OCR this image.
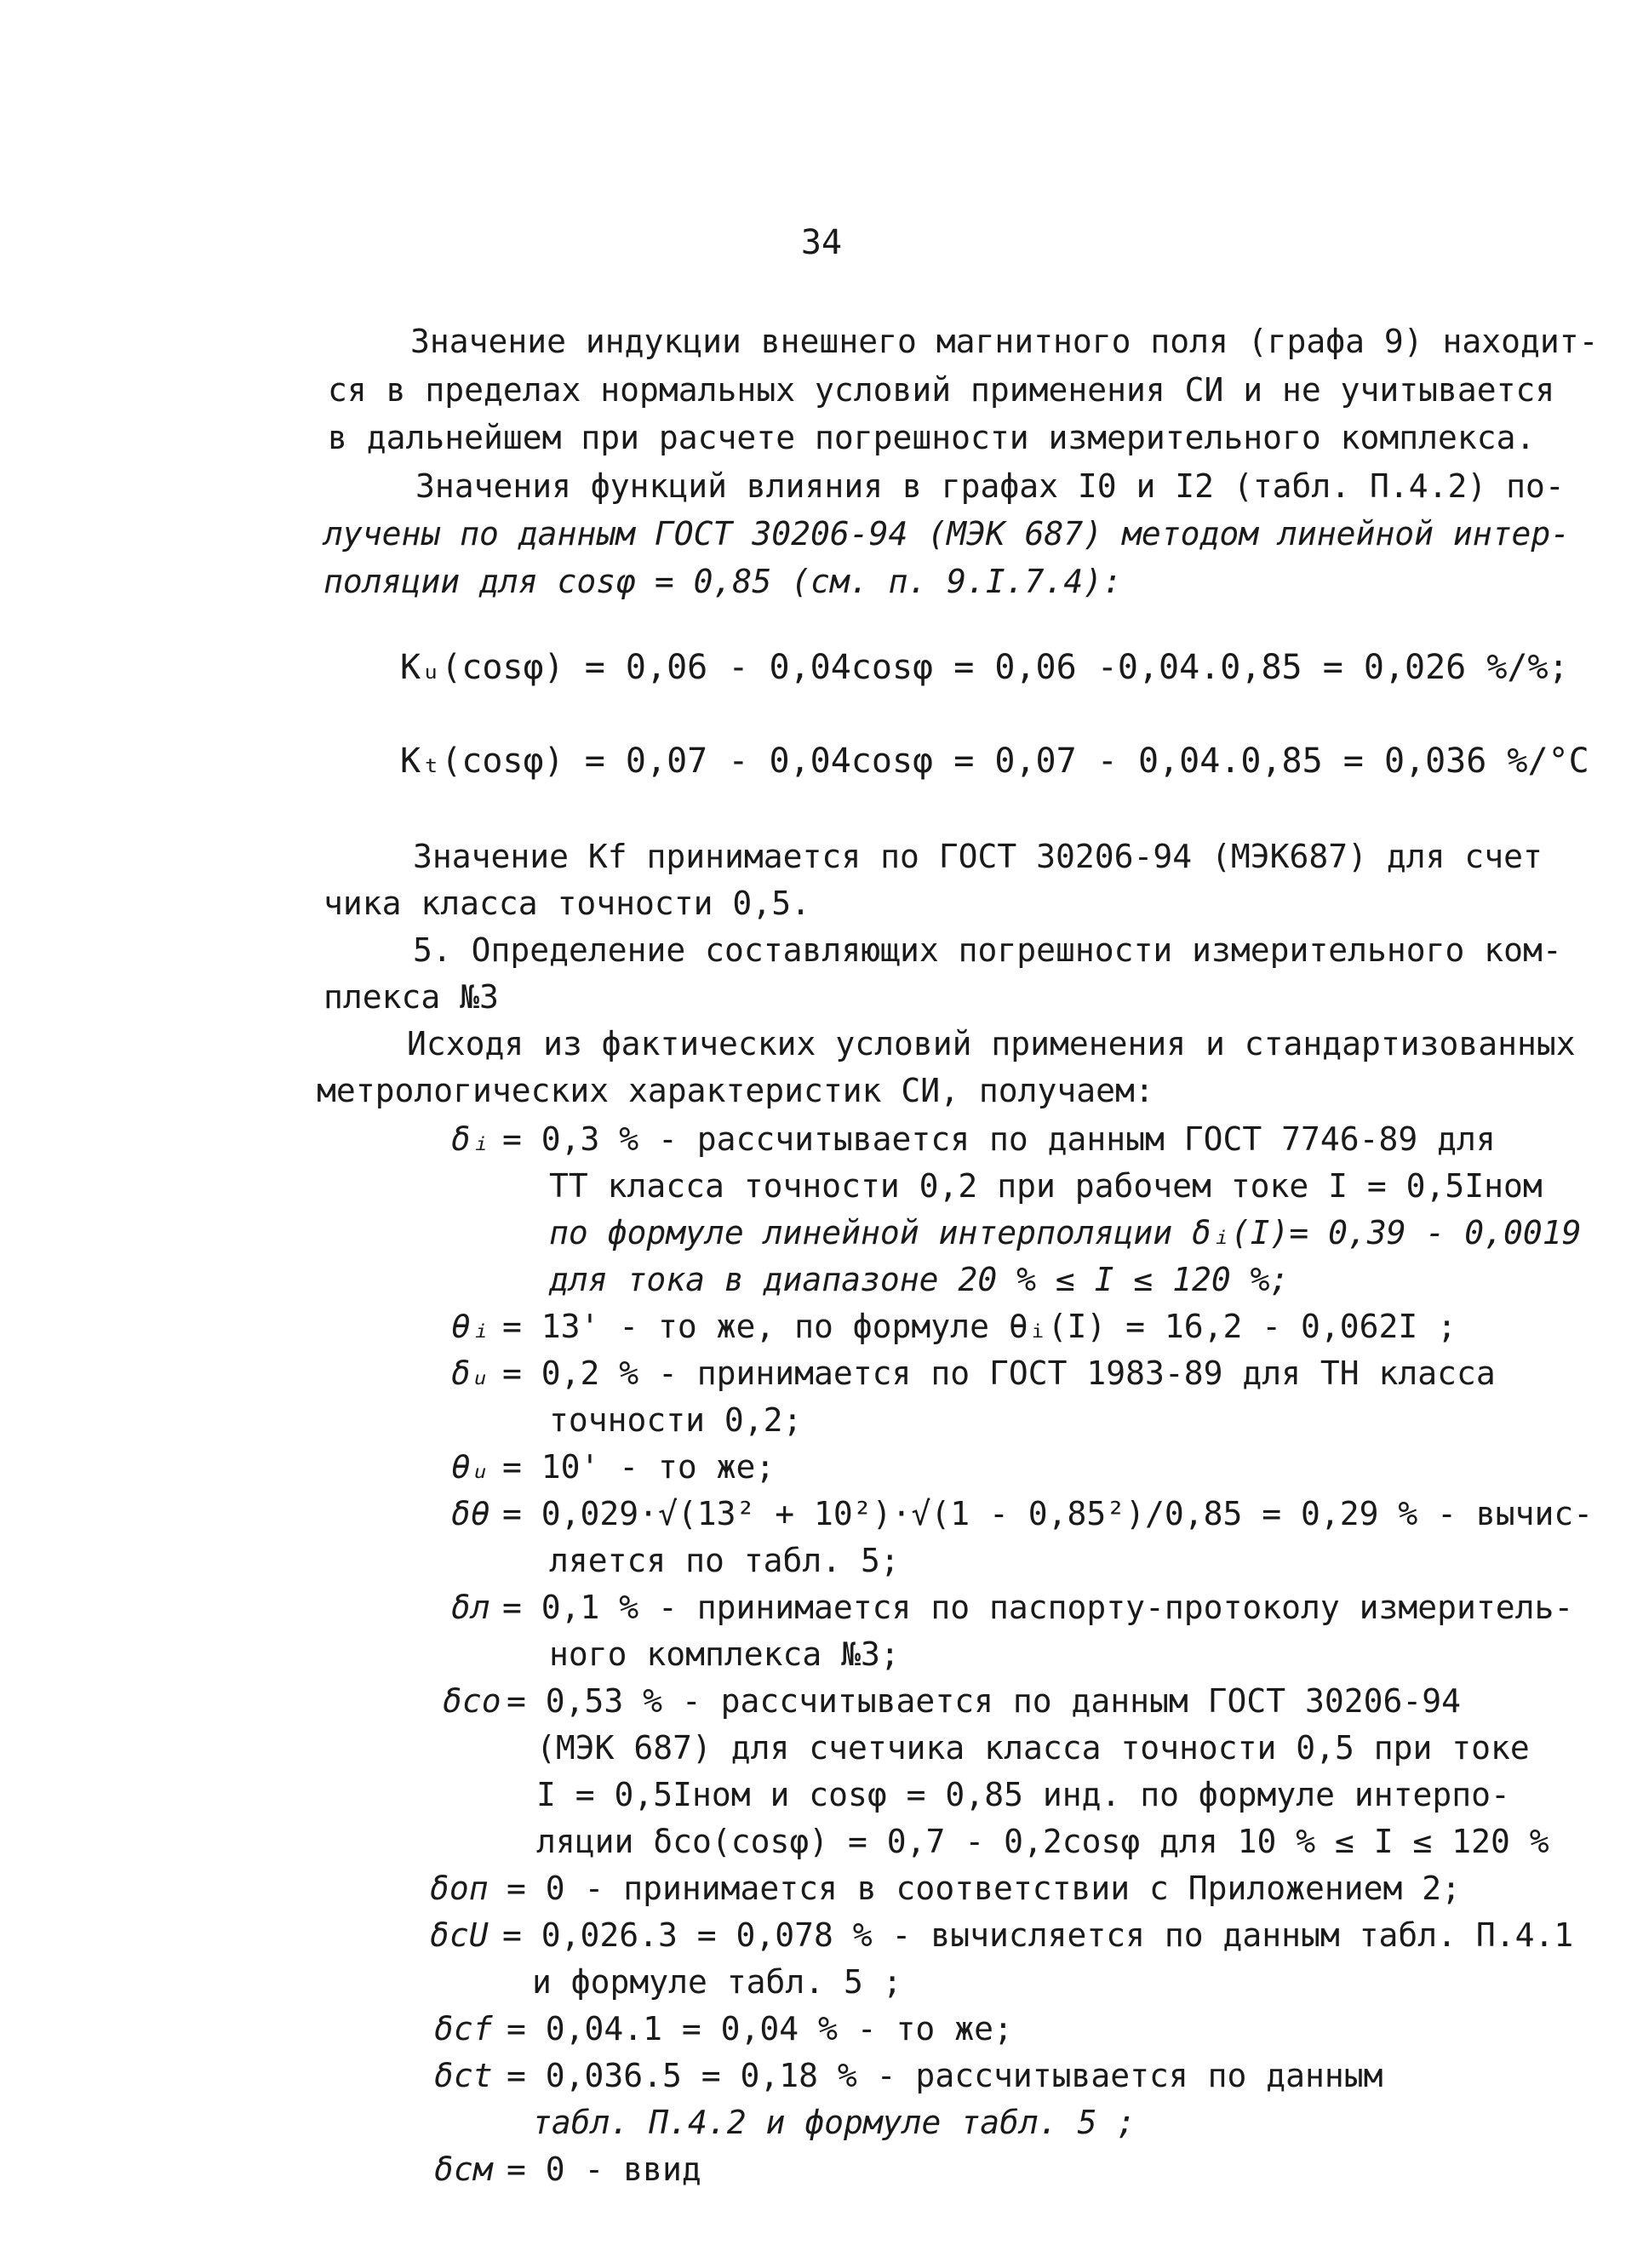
34
Значение индукции внешнего магнитного поля (графа 9) находит-
ся в пределах нормальных условий применения СИ и не учитывается
в дальнейшем при расчете погрешности измерительного комплекса.
Значения функций влияния в графах I0 и I2 (табл. П.4.2) по-
лучены по данным ГОСТ 30206-94 (МЭК 687) методом линейной интер-
поляции для cosφ = 0,85 (см. п. 9.I.7.4):
Kᵤ(cosφ) = 0,06 - 0,04cosφ = 0,06 -0,04.0,85 = 0,026 %/%;
Kₜ(cosφ) = 0,07 - 0,04cosφ = 0,07 - 0,04.0,85 = 0,036 %/°C
Значение Kf принимается по ГОСТ 30206-94 (МЭК687) для счет
чика класса точности 0,5.
5. Определение составляющих погрешности измерительного ком-
плекса №3
Исходя из фактических условий применения и стандартизованных
метрологических характеристик СИ, получаем:
δᵢ = 0,3 % - рассчитывается по данным ГОСТ 7746-89 для
ТТ класса точности 0,2 при рабочем токе I = 0,5Iном
по формуле линейной интерполяции δᵢ(I)= 0,39 - 0,0019
для тока в диапазоне 20 % ≤ I ≤ 120 %;
θᵢ = 13' - то же, по формуле θᵢ(I) = 16,2 - 0,062I ;
δᵤ = 0,2 % - принимается по ГОСТ 1983-89 для ТН класса
точности 0,2;
θᵤ = 10' - то же;
δθ = 0,029·√(13² + 10²)·√(1 - 0,85²)/0,85 = 0,29 % - вычис-
ляется по табл. 5;
δл = 0,1 % - принимается по паспорту-протоколу измеритель-
ного комплекса №3;
δсо = 0,53 % - рассчитывается по данным ГОСТ 30206-94
(МЭК 687) для счетчика класса точности 0,5 при токе
I = 0,5Iном и cosφ = 0,85 инд. по формуле интерпо-
ляции δсо(cosφ) = 0,7 - 0,2cosφ для 10 % ≤ I ≤ 120 %
δоп = 0 - принимается в соответствии с Приложением 2;
δсU = 0,026.3 = 0,078 % - вычисляется по данным табл. П.4.1
и формуле табл. 5 ;
δсf = 0,04.1 = 0,04 % - то же;
δсt = 0,036.5 = 0,18 % - рассчитывается по данным
табл. П.4.2 и формуле табл. 5 ;
δсм = 0 - ввид
